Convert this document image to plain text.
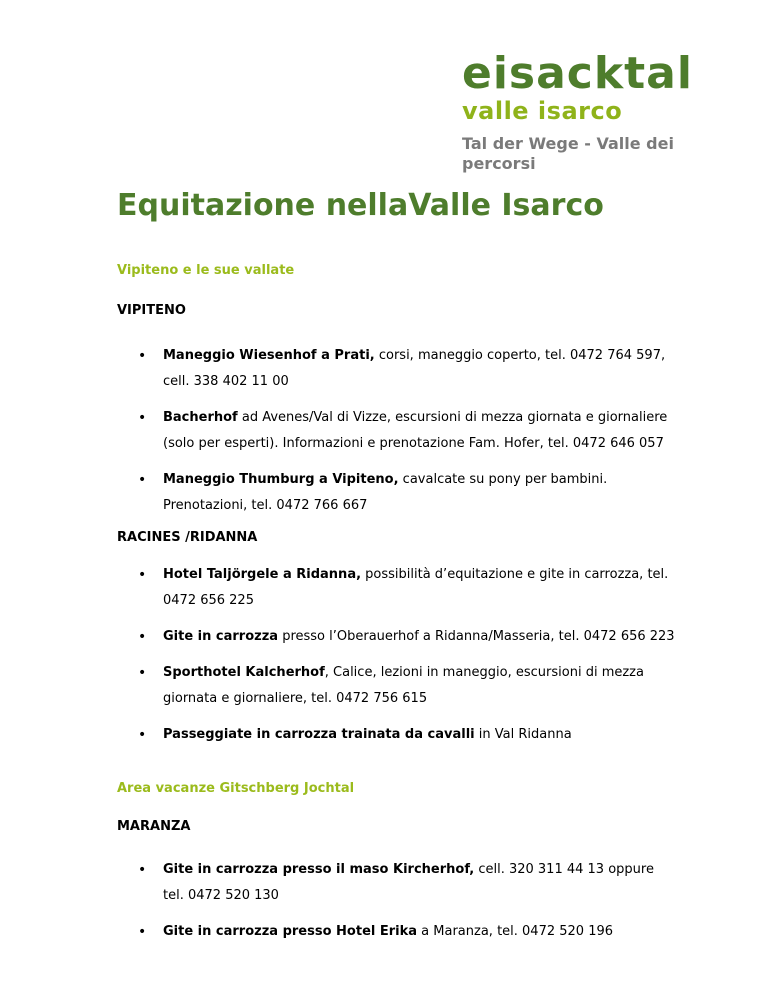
eisacktal
valle isarco
Tal der Wege - Valle dei percorsi
Equitazione nellaValle Isarco
Vipiteno e le sue vallate
VIPITENO
• Maneggio Wiesenhof a Prati, corsi, maneggio coperto, tel. 0472 764 597, cell. 338 402 11 00
• Bacherhof ad Avenes/Val di Vizze, escursioni di mezza giornata e giornaliere (solo per esperti). Informazioni e prenotazione Fam. Hofer, tel. 0472 646 057
• Maneggio Thumburg a Vipiteno, cavalcate su pony per bambini. Prenotazioni, tel. 0472 766 667
RACINES /RIDANNA
• Hotel Taljörgele a Ridanna, possibilità d’equitazione e gite in carrozza, tel. 0472 656 225
• Gite in carrozza presso l’Oberauerhof a Ridanna/Masseria, tel. 0472 656 223
• Sporthotel Kalcherhof, Calice, lezioni in maneggio, escursioni di mezza giornata e giornaliere, tel. 0472 756 615
• Passeggiate in carrozza trainata da cavalli in Val Ridanna
Area vacanze Gitschberg Jochtal
MARANZA
• Gite in carrozza presso il maso Kircherhof, cell. 320 311 44 13 oppure tel. 0472 520 130
• Gite in carrozza presso Hotel Erika a Maranza, tel. 0472 520 196
